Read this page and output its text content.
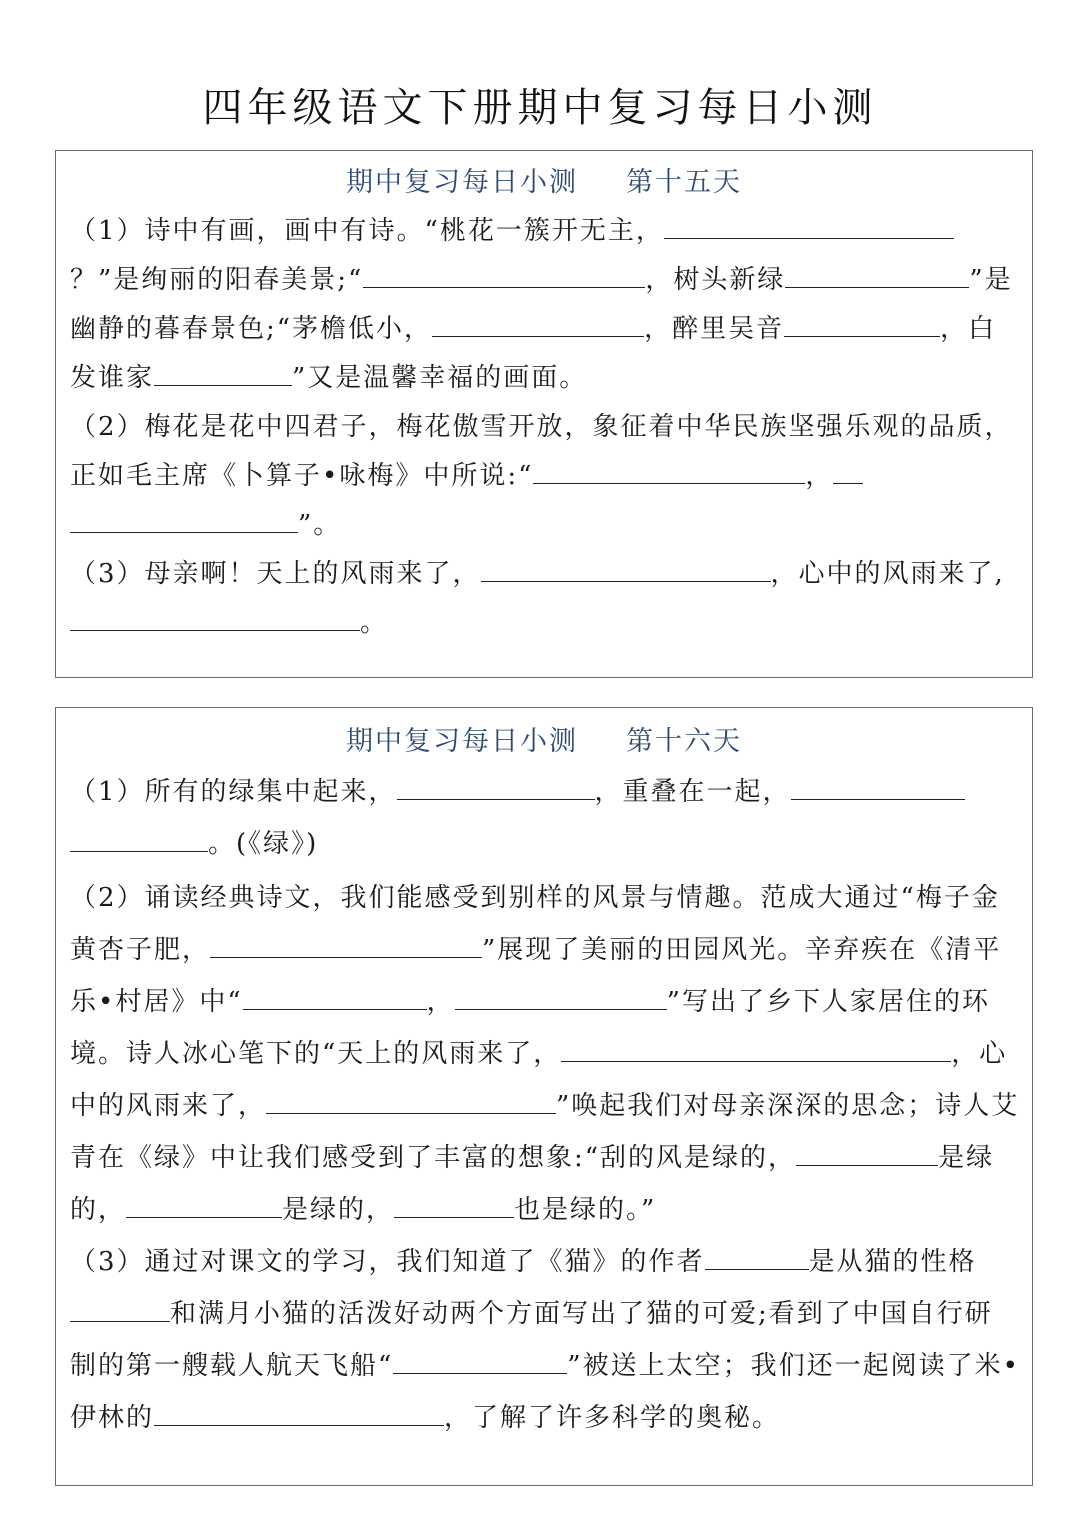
四年级语文下册期中复习每日小测
期中复习每日小测 第十五天

（1）诗中有画，画中有诗。“桃花一簇开无主，？”是绚丽的阳春美景;“	，树头新绿	”是幽静的暮春景色;“茅檐低小，	，醉里吴音	，白发谁家	”又是温馨幸福的画面。

（2）梅花是花中四君子，梅花傲雪开放，象征着中华民族坚强乐观的品质，正如毛主席《卜算子•咏梅》中所说:“	，”。

（3）母亲啊！天上的风雨来了，	，心中的风雨来了,。

期中复习每日小测 第十六天

（1）所有的绿集中起来，	，重叠在一起，。(《绿》)

（2）诵读经典诗文，我们能感受到别样的风景与情趣。范成大通过“梅子金黄杏子肥，	”展现了美丽的田园风光。辛弃疾在《清平乐•村居》中“	，	”写出了乡下人家居住的环境。诗人冰心笔下的“天上的风雨来了，	，心中的风雨来了，	”唤起我们对母亲深深的思念；诗人艾青在《绿》中让我们感受到了丰富的想象:“刮的风是绿的，	是绿的，	是绿的，	也是绿的。”

（3）通过对课文的学习，我们知道了《猫》的作者	是从猫的性格和满月小猫的活泼好动两个方面写出了猫的可爱;看到了中国自行研制的第一艘载人航天飞船“	”被送上太空；我们还一起阅读了米•伊林的	，了解了许多科学的奥秘。
